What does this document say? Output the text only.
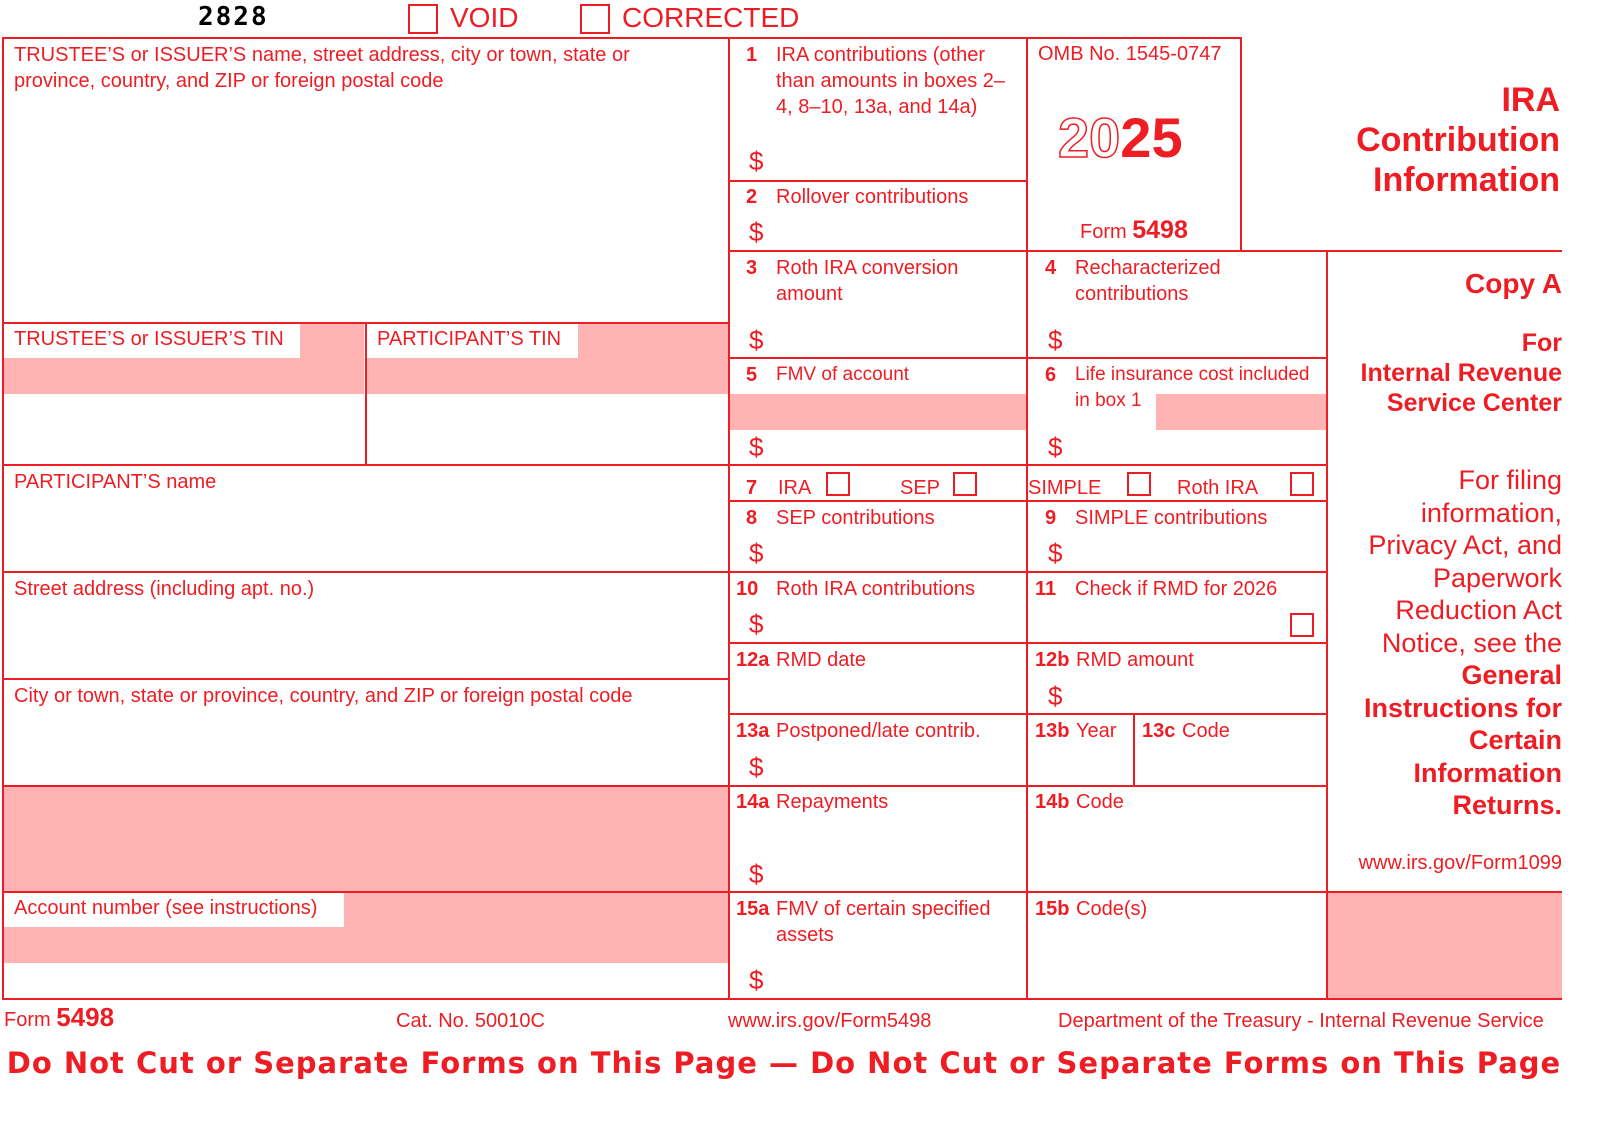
2828	VOID	CORRECTED
TRUSTEE’S or ISSUER’S name, street address, city or town, state or province, country, and ZIP or foreign postal code
TRUSTEE’S or ISSUER’S TIN	PARTICIPANT’S TIN
PARTICIPANT’S name
Street address (including apt. no.)
City or town, state or province, country, and ZIP or foreign postal code
Account number (see instructions)
1 IRA contributions (other than amounts in boxes 2–4, 8–10, 13a, and 14a)
$
2 Rollover contributions
$
OMB No. 1545-0747
2025
Form 5498
IRA
Contribution
Information
3 Roth IRA conversion amount
$
4 Recharacterized contributions
$
5 FMV of account
$
6 Life insurance cost included in box 1
$
7 IRA	SEP	SIMPLE	Roth IRA
8 SEP contributions
$
9 SIMPLE contributions
$
10 Roth IRA contributions
$
11 Check if RMD for 2026
12a RMD date	12b RMD amount
$
13a Postponed/late contrib.
$
13b Year 13c Code
14a Repayments
$
14b Code
15a FMV of certain specified assets
$
15b Code(s)
Copy A
For
Internal Revenue
Service Center
For filing information, Privacy Act, and Paperwork Reduction Act Notice, see the General Instructions for Certain Information Returns.
www.irs.gov/Form1099
Form 5498	Cat. No. 50010C	www.irs.gov/Form5498	Department of the Treasury - Internal Revenue Service
Do Not Cut or Separate Forms on This Page — Do Not Cut or Separate Forms on This Page
